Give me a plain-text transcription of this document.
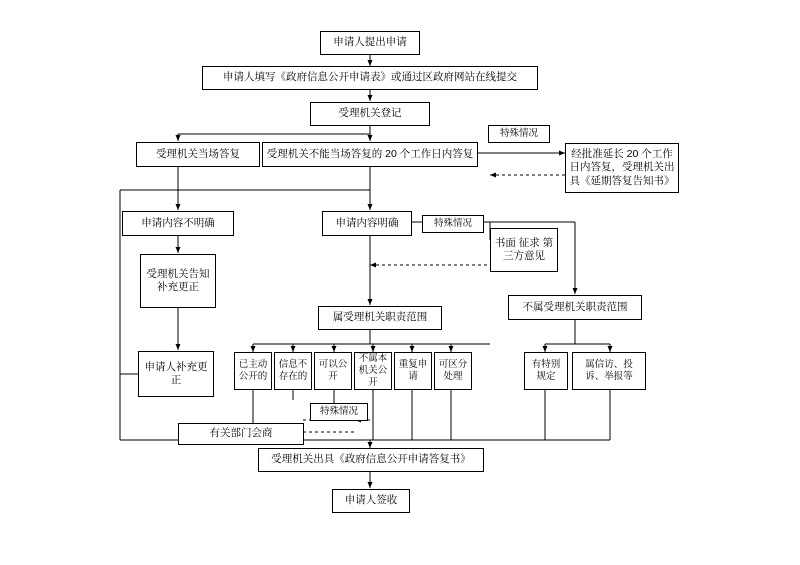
申请人提出申请
申请人填写《政府信息公开申请表》或通过区政府网站在线提交
受理机关登记
受理机关当场答复	受理机关不能当场答复的 20 个工作日内答复
特殊情况
经批准延长 20 个工作日内答复，受理机关出具《延期答复告知书》
申请内容不明确	申请内容明确	特殊情况
书面 征求 第三方意见
受理机关告知补充更正
申请人补充更正
属受理机关职责范围
不属受理机关职责范围
已主动公开的
信息不存在的
可以公开
不属本机关公开
重复申请
可区分处理
有特别规定
属信访、投诉、举报等
特殊情况
有关部门会商
受理机关出具《政府信息公开申请答复书》
申请人签收
